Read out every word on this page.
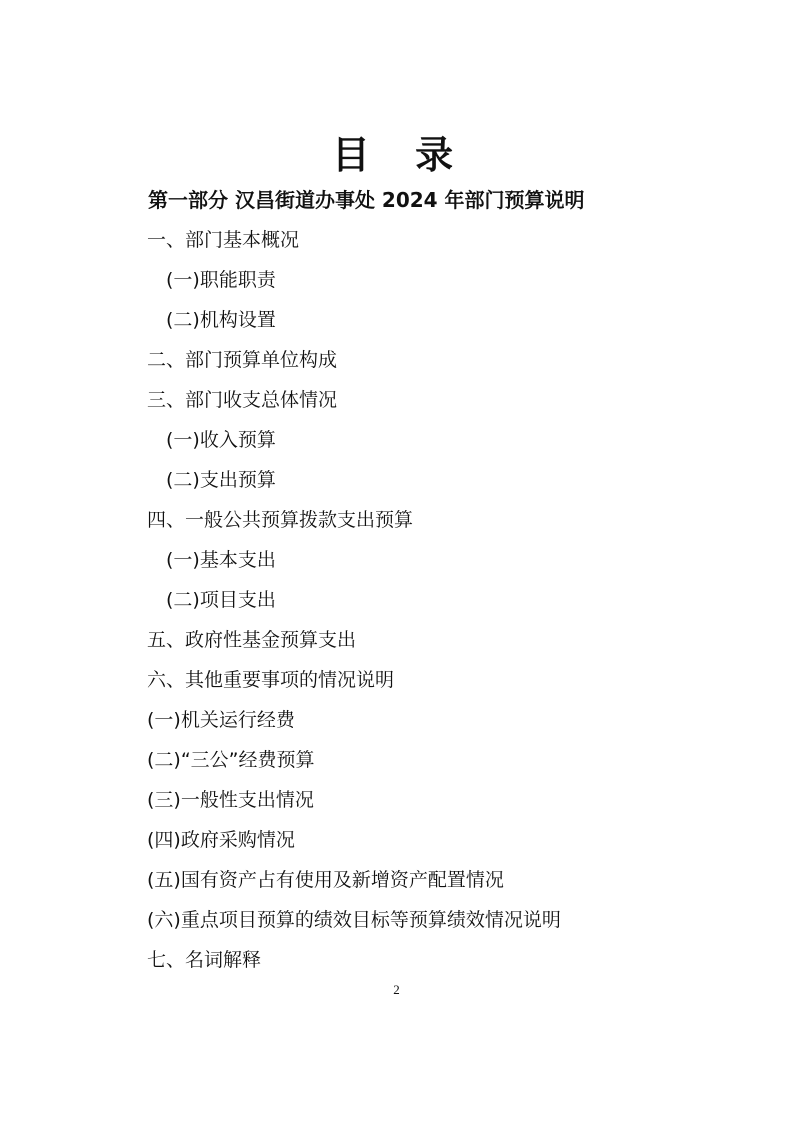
目 录
第一部分 汉昌街道办事处 2024 年部门预算说明
一、部门基本概况
(一)职能职责
(二)机构设置
二、部门预算单位构成
三、部门收支总体情况
(一)收入预算
(二)支出预算
四、一般公共预算拨款支出预算
(一)基本支出
(二)项目支出
五、政府性基金预算支出
六、其他重要事项的情况说明
(一)机关运行经费
(二)“三公”经费预算
(三)一般性支出情况
(四)政府采购情况
(五)国有资产占有使用及新增资产配置情况
(六)重点项目预算的绩效目标等预算绩效情况说明
七、名词解释
2
